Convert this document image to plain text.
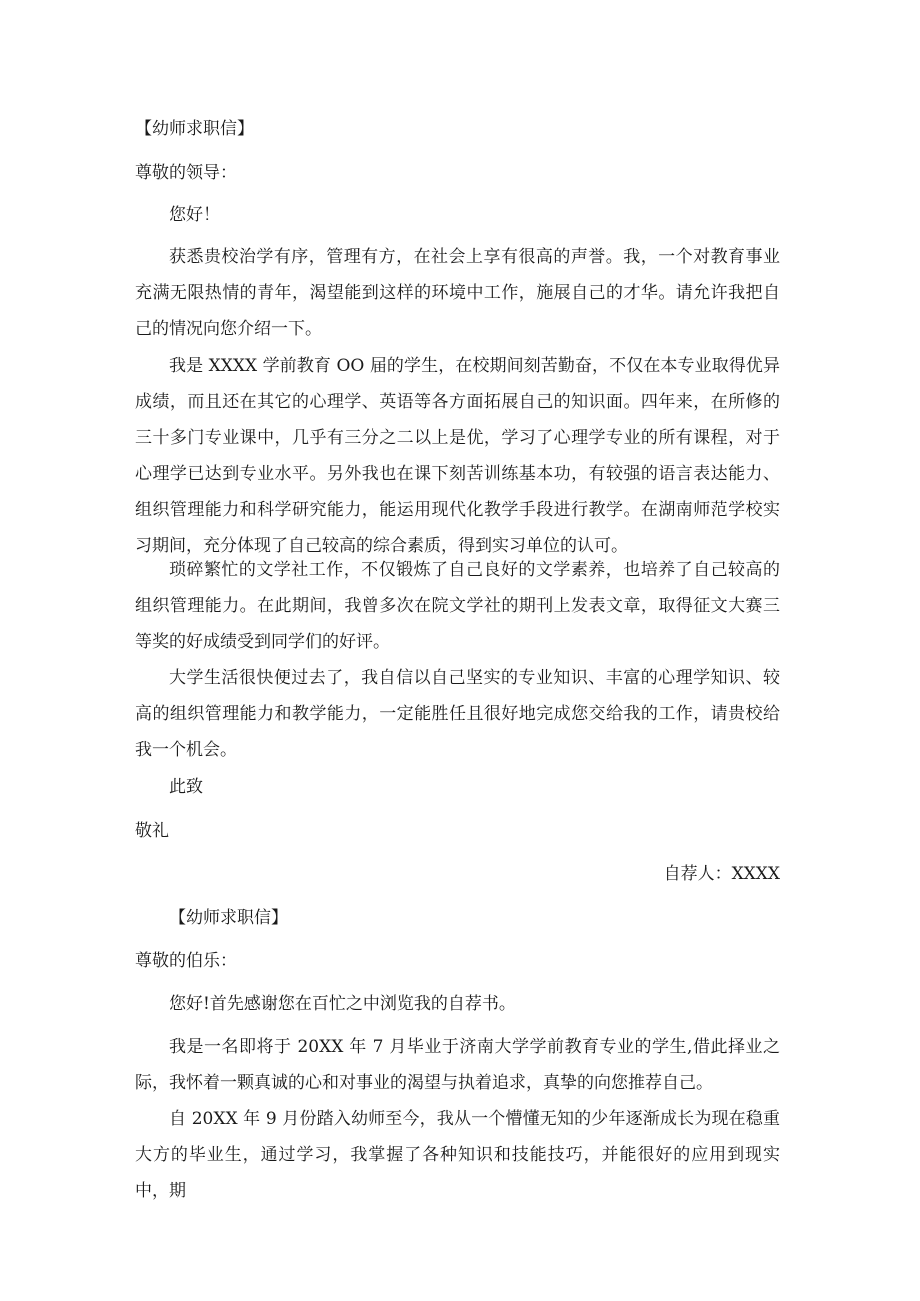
【幼师求职信】

尊敬的领导：

您好！

获悉贵校治学有序，管理有方，在社会上享有很高的声誉。我，一个对教育事业充满无限热情的青年，渴望能到这样的环境中工作，施展自己的才华。请允许我把自己的情况向您介绍一下。

我是 XXXX 学前教育 OO 届的学生，在校期间刻苦勤奋，不仅在本专业取得优异成绩，而且还在其它的心理学、英语等各方面拓展自己的知识面。四年来，在所修的三十多门专业课中，几乎有三分之二以上是优，学习了心理学专业的所有课程，对于心理学已达到专业水平。另外我也在课下刻苦训练基本功，有较强的语言表达能力、组织管理能力和科学研究能力，能运用现代化教学手段进行教学。在湖南师范学校实习期间，充分体现了自己较高的综合素质，得到实习单位的认可。

琐碎繁忙的文学社工作，不仅锻炼了自己良好的文学素养，也培养了自己较高的组织管理能力。在此期间，我曾多次在院文学社的期刊上发表文章，取得征文大赛三等奖的好成绩受到同学们的好评。

大学生活很快便过去了，我自信以自己坚实的专业知识、丰富的心理学知识、较高的组织管理能力和教学能力，一定能胜任且很好地完成您交给我的工作，请贵校给我一个机会。

此致

敬礼

自荐人：XXXX

【幼师求职信】

尊敬的伯乐：

您好!首先感谢您在百忙之中浏览我的自荐书。

我是一名即将于 20XX 年 7 月毕业于济南大学学前教育专业的学生,借此择业之际，我怀着一颗真诚的心和对事业的渴望与执着追求，真挚的向您推荐自己。

自 20XX 年 9 月份踏入幼师至今，我从一个懵懂无知的少年逐渐成长为现在稳重大方的毕业生，通过学习，我掌握了各种知识和技能技巧，并能很好的应用到现实中，期
